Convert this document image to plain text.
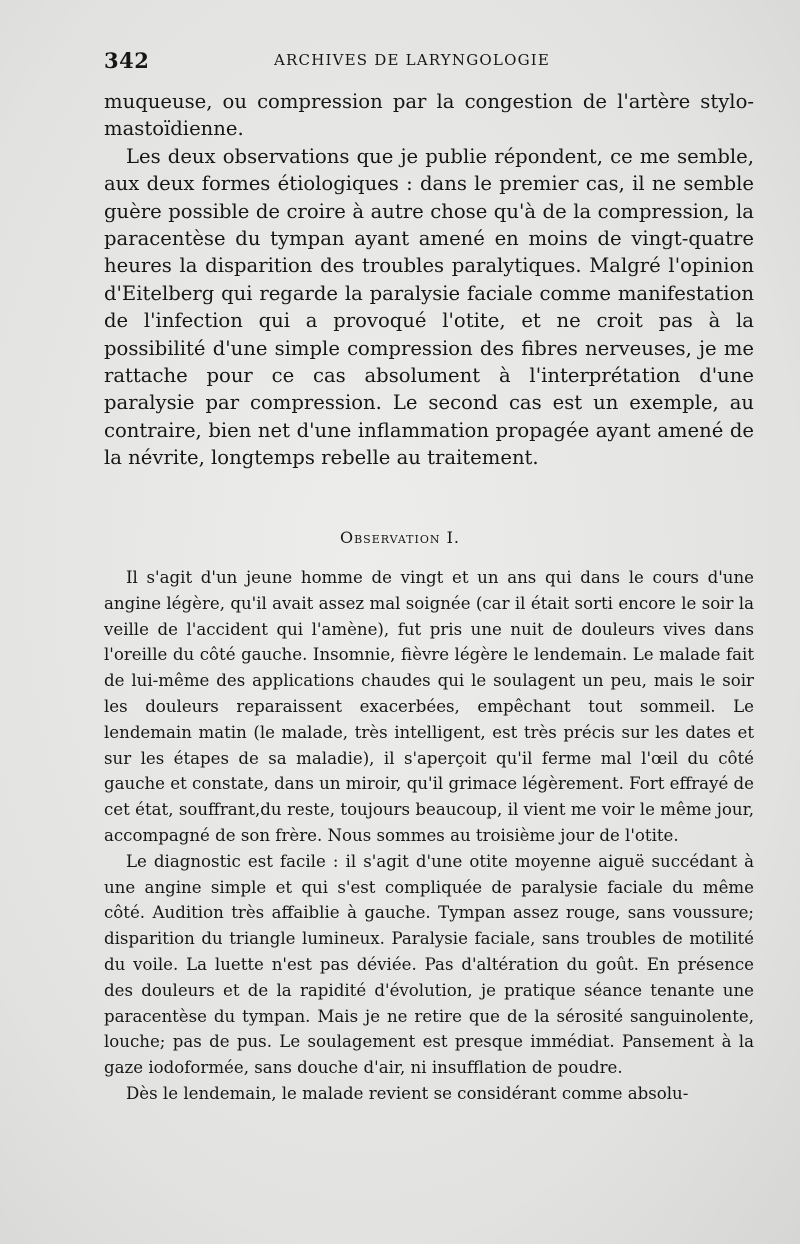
342	ARCHIVES DE LARYNGOLOGIE

muqueuse, ou compression par la congestion de l'artère stylo-mastoïdienne.

Les deux observations que je publie répondent, ce me semble, aux deux formes étiologiques : dans le premier cas, il ne semble guère possible de croire à autre chose qu'à de la compression, la paracentèse du tympan ayant amené en moins de vingt-quatre heures la disparition des troubles paralytiques. Malgré l'opinion d'Eitelberg qui regarde la paralysie faciale comme manifestation de l'infection qui a provoqué l'otite, et ne croit pas à la possibilité d'une simple compression des fibres nerveuses, je me rattache pour ce cas absolument à l'interprétation d'une paralysie par compression. Le second cas est un exemple, au contraire, bien net d'une inflammation propagée ayant amené de la névrite, longtemps rebelle au traitement.

Observation I.

Il s'agit d'un jeune homme de vingt et un ans qui dans le cours d'une angine légère, qu'il avait assez mal soignée (car il était sorti encore le soir la veille de l'accident qui l'amène), fut pris une nuit de douleurs vives dans l'oreille du côté gauche. Insomnie, fièvre légère le lendemain. Le malade fait de lui-même des applications chaudes qui le soulagent un peu, mais le soir les douleurs reparaissent exacerbées, empêchant tout sommeil. Le lendemain matin (le malade, très intelligent, est très précis sur les dates et sur les étapes de sa maladie), il s'aperçoit qu'il ferme mal l'œil du côté gauche et constate, dans un miroir, qu'il grimace légèrement. Fort effrayé de cet état, souffrant,du reste, toujours beaucoup, il vient me voir le même jour, accompagné de son frère. Nous sommes au troisième jour de l'otite.

Le diagnostic est facile : il s'agit d'une otite moyenne aiguë succédant à une angine simple et qui s'est compliquée de paralysie faciale du même côté. Audition très affaiblie à gauche. Tympan assez rouge, sans voussure; disparition du triangle lumineux. Paralysie faciale, sans troubles de motilité du voile. La luette n'est pas déviée. Pas d'altération du goût. En présence des douleurs et de la rapidité d'évolution, je pratique séance tenante une paracentèse du tympan. Mais je ne retire que de la sérosité sanguinolente, louche; pas de pus. Le soulagement est presque immédiat. Pansement à la gaze iodoformée, sans douche d'air, ni insufflation de poudre.

Dès le lendemain, le malade revient se considérant comme absolu-
